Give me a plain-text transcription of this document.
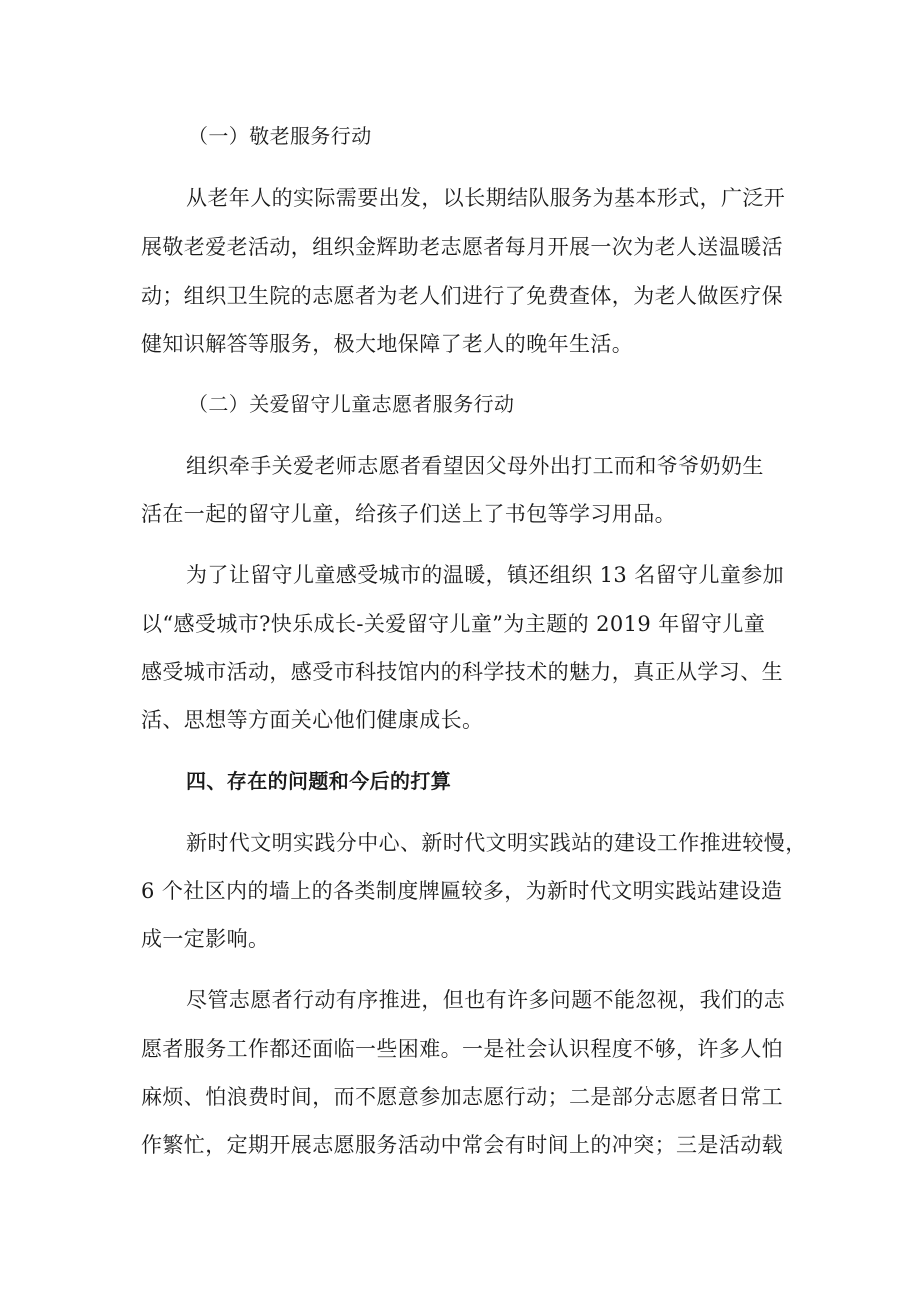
（一）敬老服务行动
从老年人的实际需要出发，以长期结队服务为基本形式，广泛开
展敬老爱老活动，组织金辉助老志愿者每月开展一次为老人送温暖活
动；组织卫生院的志愿者为老人们进行了免费查体，为老人做医疗保
健知识解答等服务，极大地保障了老人的晚年生活。
（二）关爱留守儿童志愿者服务行动
组织牵手关爱老师志愿者看望因父母外出打工而和爷爷奶奶生
活在一起的留守儿童，给孩子们送上了书包等学习用品。
为了让留守儿童感受城市的温暖，镇还组织 13 名留守儿童参加
以“感受城市?快乐成长-关爱留守儿童”为主题的 2019 年留守儿童
感受城市活动，感受市科技馆内的科学技术的魅力，真正从学习、生
活、思想等方面关心他们健康成长。
四、存在的问题和今后的打算
新时代文明实践分中心、新时代文明实践站的建设工作推进较慢，
6 个社区内的墙上的各类制度牌匾较多，为新时代文明实践站建设造
成一定影响。
尽管志愿者行动有序推进，但也有许多问题不能忽视，我们的志
愿者服务工作都还面临一些困难。一是社会认识程度不够，许多人怕
麻烦、怕浪费时间，而不愿意参加志愿行动；二是部分志愿者日常工
作繁忙，定期开展志愿服务活动中常会有时间上的冲突；三是活动载
